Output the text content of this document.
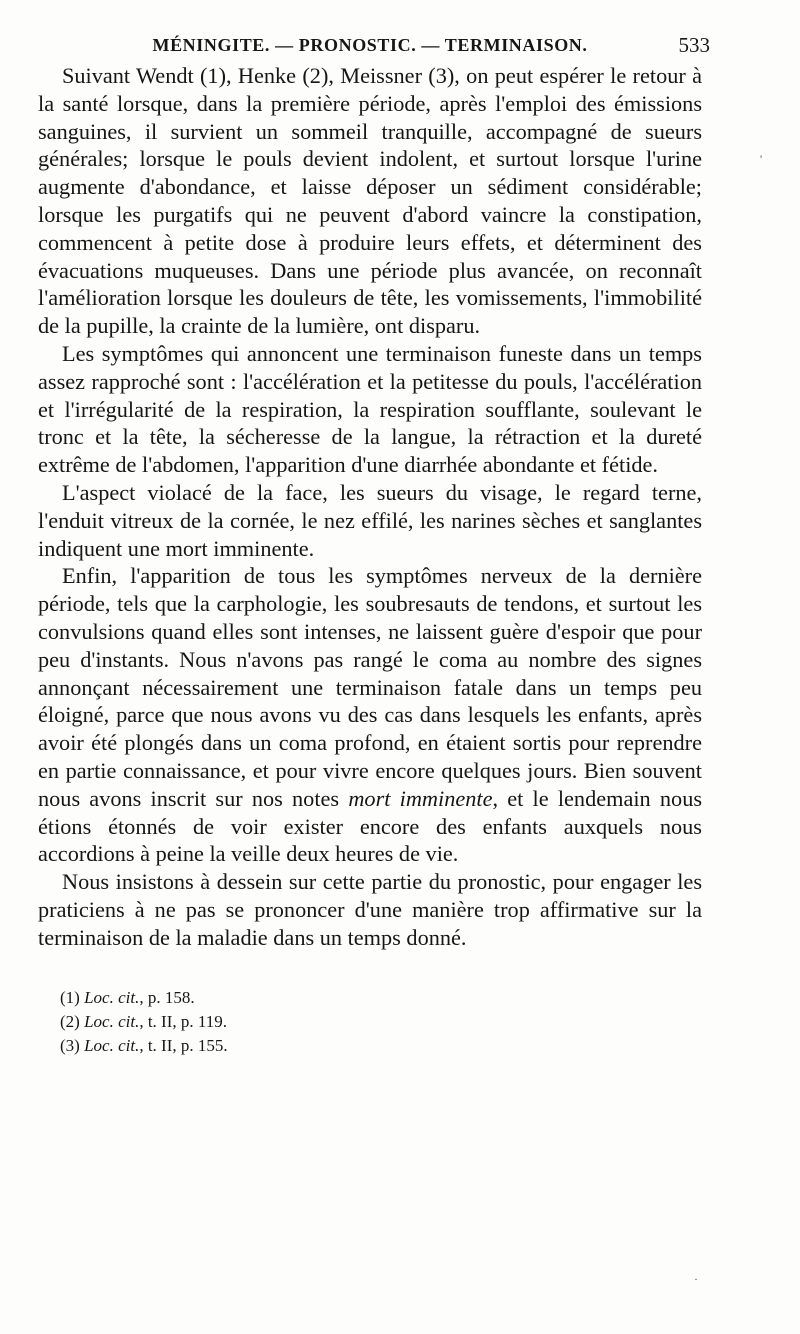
MÉNINGITE. — PRONOSTIC. — TERMINAISON.	533

Suivant Wendt (1), Henke (2), Meissner (3), on peut espérer le retour à la santé lorsque, dans la première période, après l'emploi des émissions sanguines, il survient un sommeil tranquille, accompagné de sueurs générales; lorsque le pouls devient indolent, et surtout lorsque l'urine augmente d'abondance, et laisse déposer un sédiment considérable; lorsque les purgatifs qui ne peuvent d'abord vaincre la constipation, commencent à petite dose à produire leurs effets, et déterminent des évacuations muqueuses. Dans une période plus avancée, on reconnaît l'amélioration lorsque les douleurs de tête, les vomissements, l'immobilité de la pupille, la crainte de la lumière, ont disparu.

Les symptômes qui annoncent une terminaison funeste dans un temps assez rapproché sont : l'accélération et la petitesse du pouls, l'accélération et l'irrégularité de la respiration, la respiration soufflante, soulevant le tronc et la tête, la sécheresse de la langue, la rétraction et la dureté extrême de l'abdomen, l'apparition d'une diarrhée abondante et fétide.

L'aspect violacé de la face, les sueurs du visage, le regard terne, l'enduit vitreux de la cornée, le nez effilé, les narines sèches et sanglantes indiquent une mort imminente.

Enfin, l'apparition de tous les symptômes nerveux de la dernière période, tels que la carphologie, les soubresauts de tendons, et surtout les convulsions quand elles sont intenses, ne laissent guère d'espoir que pour peu d'instants. Nous n'avons pas rangé le coma au nombre des signes annonçant nécessairement une terminaison fatale dans un temps peu éloigné, parce que nous avons vu des cas dans lesquels les enfants, après avoir été plongés dans un coma profond, en étaient sortis pour reprendre en partie connaissance, et pour vivre encore quelques jours. Bien souvent nous avons inscrit sur nos notes mort imminente, et le lendemain nous étions étonnés de voir exister encore des enfants auxquels nous accordions à peine la veille deux heures de vie.

Nous insistons à dessein sur cette partie du pronostic, pour engager les praticiens à ne pas se prononcer d'une manière trop affirmative sur la terminaison de la maladie dans un temps donné.

(1) Loc. cit., p. 158.
(2) Loc. cit., t. II, p. 119.
(3) Loc. cit., t. II, p. 155.
'
·
